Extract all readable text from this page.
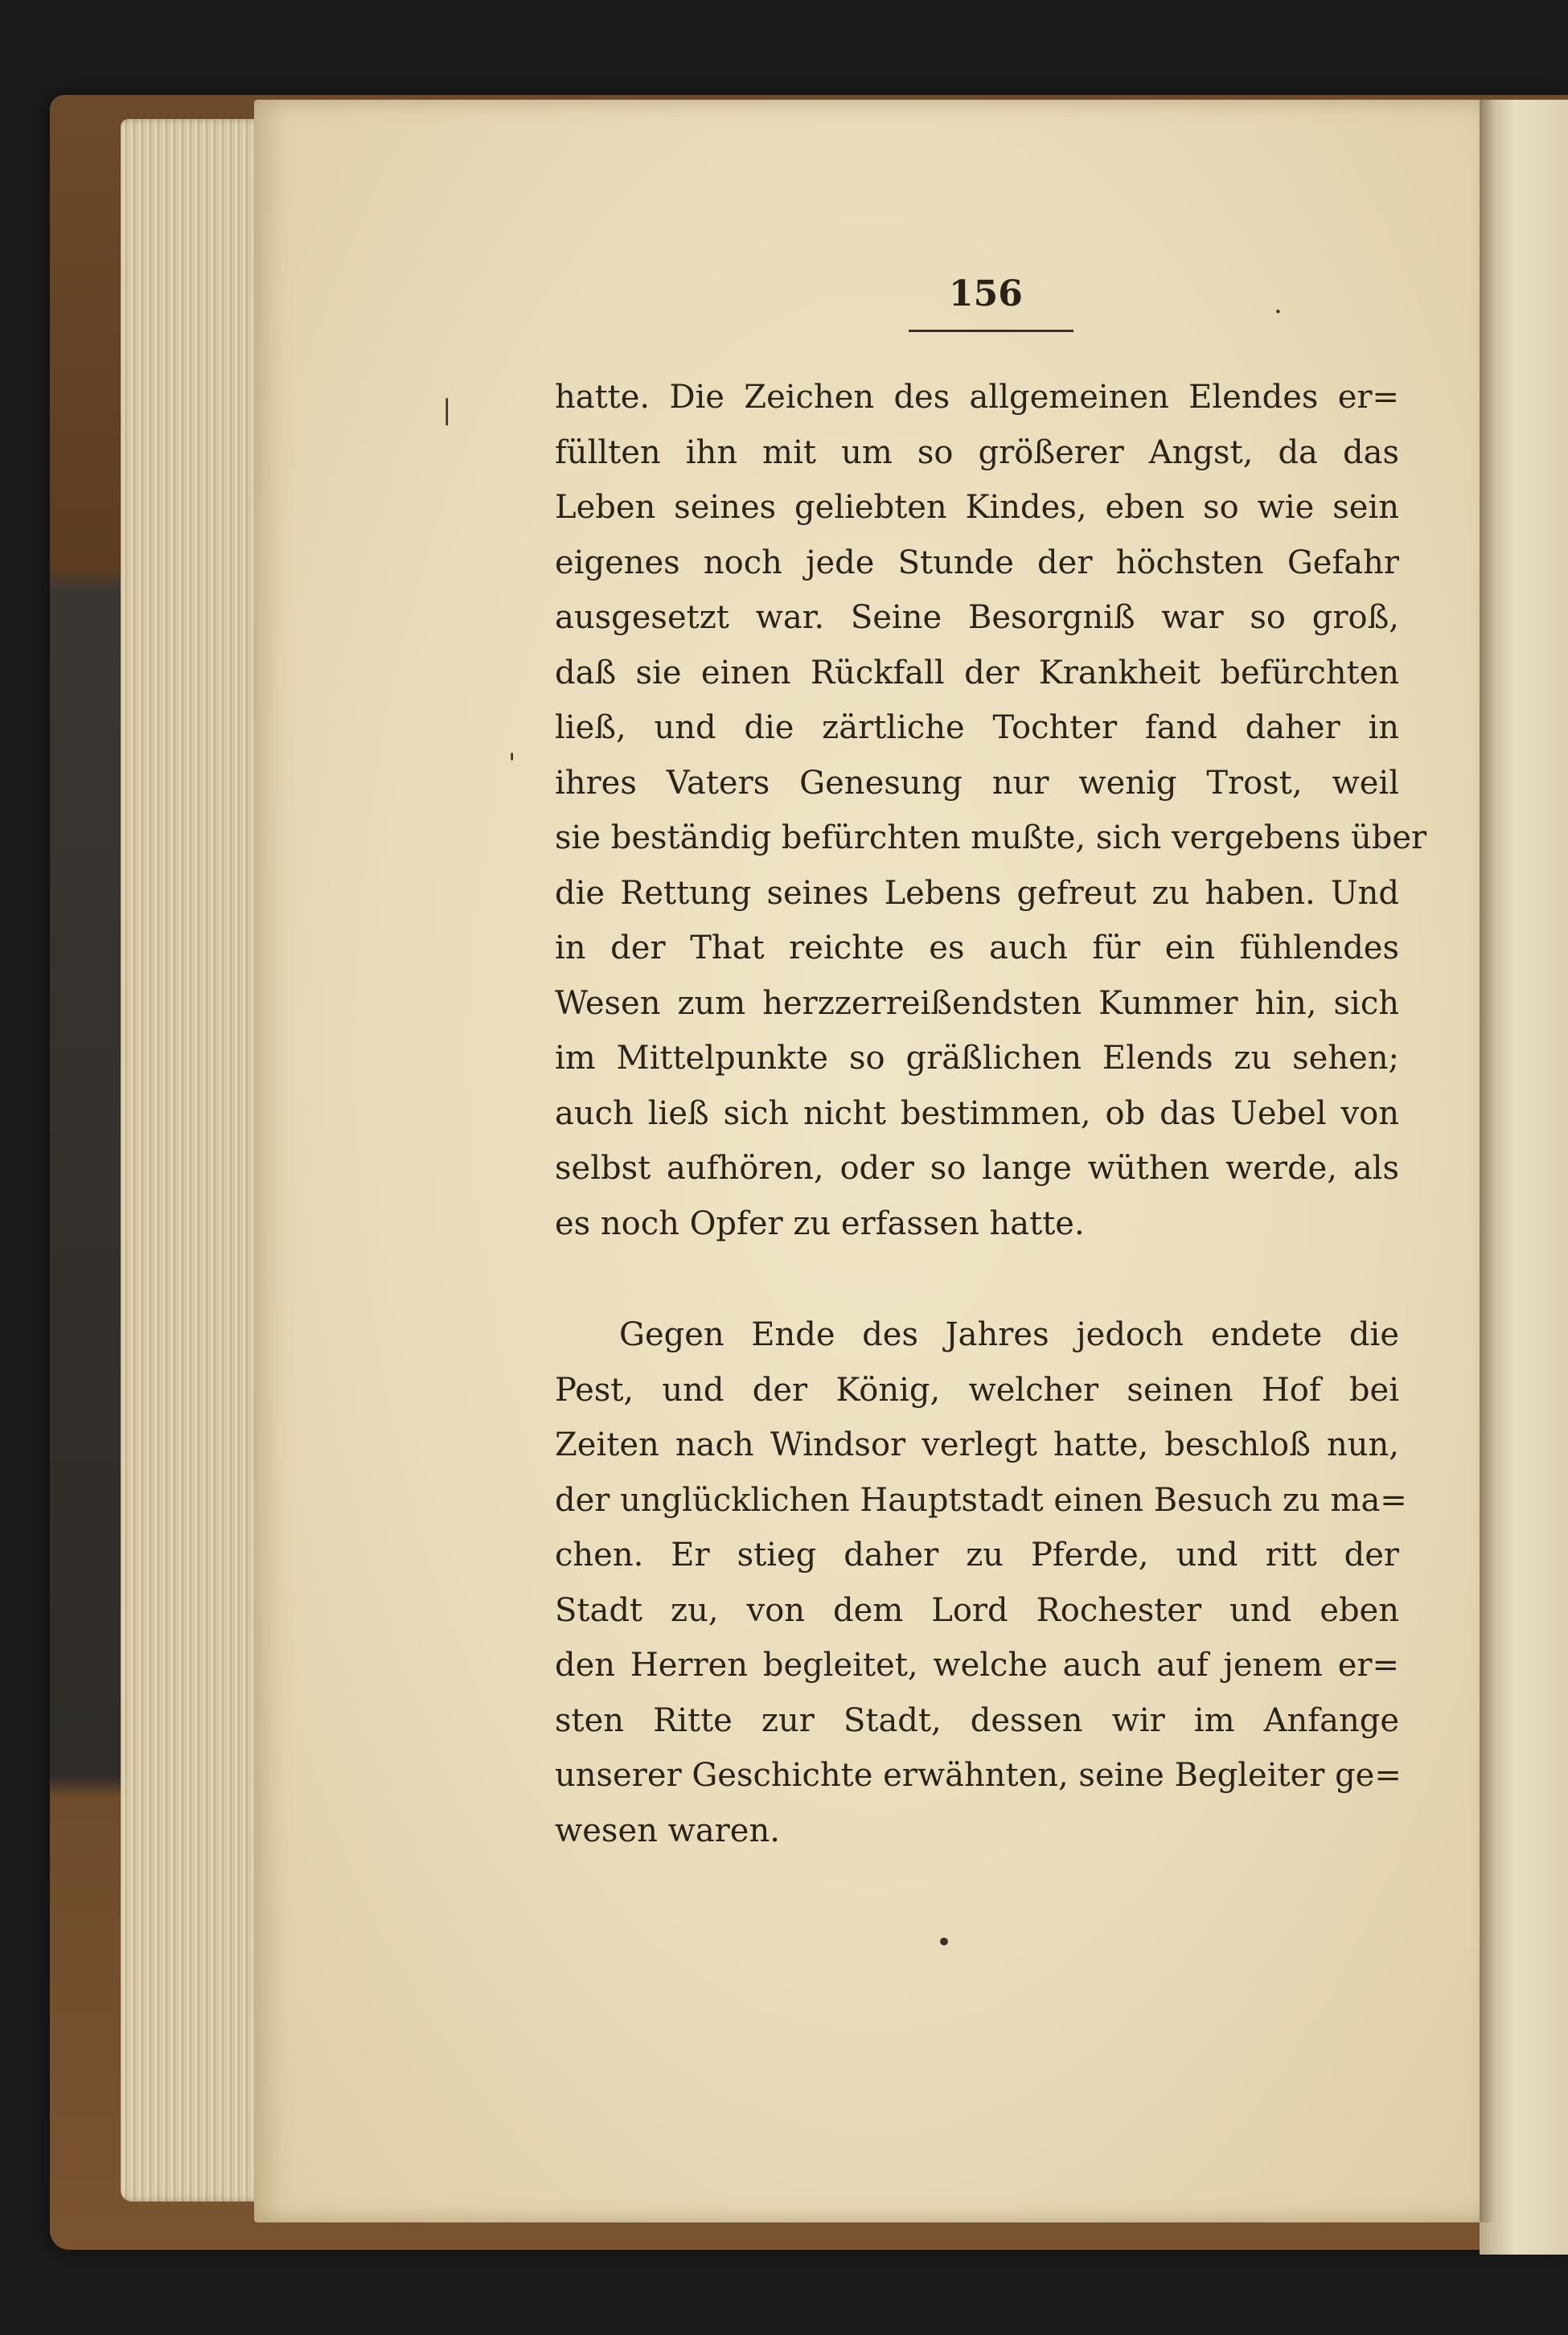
156
hatte. Die Zeichen des allgemeinen Elendes er=
füllten ihn mit um so größerer Angst, da das
Leben seines geliebten Kindes, eben so wie sein
eigenes noch jede Stunde der höchsten Gefahr
ausgesetzt war. Seine Besorgniß war so groß,
daß sie einen Rückfall der Krankheit befürchten
ließ, und die zärtliche Tochter fand daher in
ihres Vaters Genesung nur wenig Trost, weil
sie beständig befürchten mußte, sich vergebens über
die Rettung seines Lebens gefreut zu haben. Und
in der That reichte es auch für ein fühlendes
Wesen zum herzzerreißendsten Kummer hin, sich
im Mittelpunkte so gräßlichen Elends zu sehen;
auch ließ sich nicht bestimmen, ob das Uebel von
selbst aufhören, oder so lange wüthen werde, als
es noch Opfer zu erfassen hatte.
Gegen Ende des Jahres jedoch endete die
Pest, und der König, welcher seinen Hof bei
Zeiten nach Windsor verlegt hatte, beschloß nun,
der unglücklichen Hauptstadt einen Besuch zu ma=
chen. Er stieg daher zu Pferde, und ritt der
Stadt zu, von dem Lord Rochester und eben
den Herren begleitet, welche auch auf jenem er=
sten Ritte zur Stadt, dessen wir im Anfange
unserer Geschichte erwähnten, seine Begleiter ge=
wesen waren.
|
'
.
•
